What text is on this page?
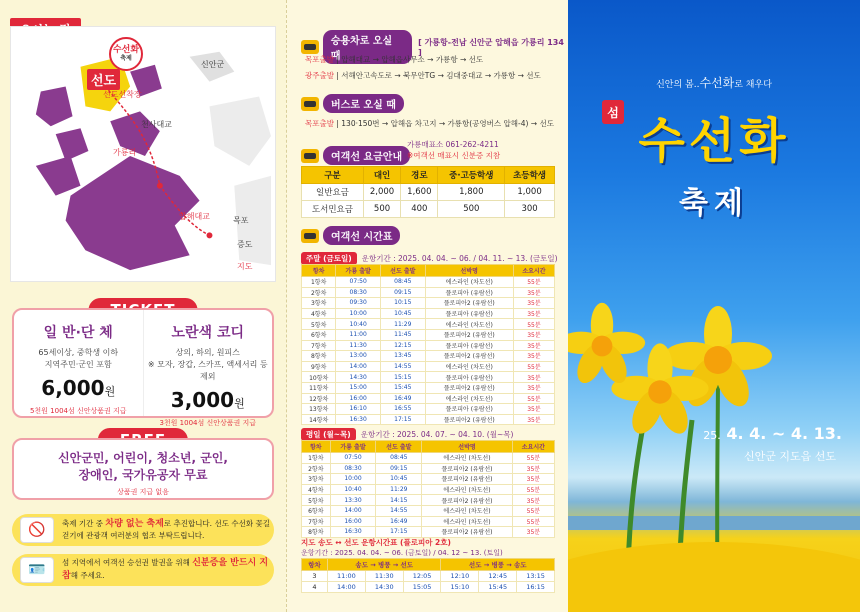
수선화
축제
선도
선도선착장
신안군
가룡리
목포
압해대교
천사대교
증도
지도
일 반·단 체
65세이상, 중학생 이하
지역주민·군인 포함
6,000원
5천원 1004섬 신안상품권 지급
노란색 코디
상의, 하의, 원피스
※ 모자, 장갑, 스카프, 액세서리 등 제외
3,000원
3천원 1004섬 신안상품권 지급
신안군민, 어린이, 청소년, 군인,
장애인, 국가유공자 무료
상품권 지급 없음
🚫	축제 기간 중 차량 없는 축제로 추진합니다. 선도 수선화 꽃길 걷기에 관광객 여러분의 협조 부탁드립니다.
🪪	섬 지역에서 여객선 승선권 발권을 위해 신분증을 반드시 지참해 주세요.
승용차로 오실 때
[ 가룡항-전남 신안군 압해읍 가룡리 134 ]
목포출발 | 압해대교 → 압해읍사무소 → 가룡항 → 선도
광주출발 | 서해안고속도로 → 북무안TG → 김대중대교 → 가룡항 → 선도
버스로 오실 때
목포출발 | 130·150번 → 압해읍 차고지 → 가룡항(공영버스 압해-4) → 선도
여객선 요금안내
가룡매표소 061-262-4211
※여객선 매표시 신분증 지참
구분	대인	경로	중·고등학생	초등학생
일반요금	2,000	1,600	1,800	1,000
도서민요금	500	400	500	300
여객선 시간표
주말 (금토일)	운항기간 : 2025. 04. 04. ~ 06. / 04. 11. ~ 13. (금토일)
항차	가룡 출발	선도 출발	선박명	소요시간
1항차	07:50	08:45	에스라인 (차도선)	55분
2항차	08:30	09:15	플로피아 (유람선)	35분
3항차	09:30	10:15	플로피아2 (유람선)	35분
4항차	10:00	10:45	플로피아 (유람선)	35분
5항차	10:40	11:29	에스라인 (차도선)	55분
6항차	11:00	11:45	플로피아2 (유람선)	35분
7항차	11:30	12:15	플로피아 (유람선)	35분
8항차	13:00	13:45	플로피아2 (유람선)	35분
9항차	14:00	14:55	에스라인 (차도선)	55분
10항차	14:30	15:15	플로피아 (유람선)	35분
11항차	15:00	15:45	플로피아2 (유람선)	35분
12항차	16:00	16:49	에스라인 (차도선)	55분
13항차	16:10	16:55	플로피아 (유람선)	35분
14항차	16:30	17:15	플로피아2 (유람선)	35분
평일 (월~목)	운항기간 : 2025. 04. 07. ~ 04. 10. (월~목)
항차	가룡 출발	선도 출발	선박명	소요시간
1항차	07:50	08:45	에스라인 (차도선)	55분
2항차	08:30	09:15	플로피아2 (유람선)	35분
3항차	10:00	10:45	플로피아2 (유람선)	35분
4항차	10:40	11:29	에스라인 (차도선)	55분
5항차	13:30	14:15	플로피아2 (유람선)	35분
6항차	14:00	14:55	에스라인 (차도선)	55분
7항차	16:00	16:49	에스라인 (차도선)	55분
8항차	16:30	17:15	플로피아2 (유람선)	35분
지도 송도 ↔ 선도 운항시간표 (플로피아 2호)
운항기간 : 2025. 04. 04. ~ 06. (금토일) / 04. 12 ~ 13. (토일)
항차	송도 → 병풍 → 선도			선도 → 병풍 → 송도		
3	11:00	11:30	12:05	12:10	12:45	13:15
4	14:00	14:30	15:05	15:10	15:45	16:15
신안의 봄..수선화로 채우다
섬
수선화
축제
25. 4. 4. ~ 4. 13.
신안군 지도읍 선도
